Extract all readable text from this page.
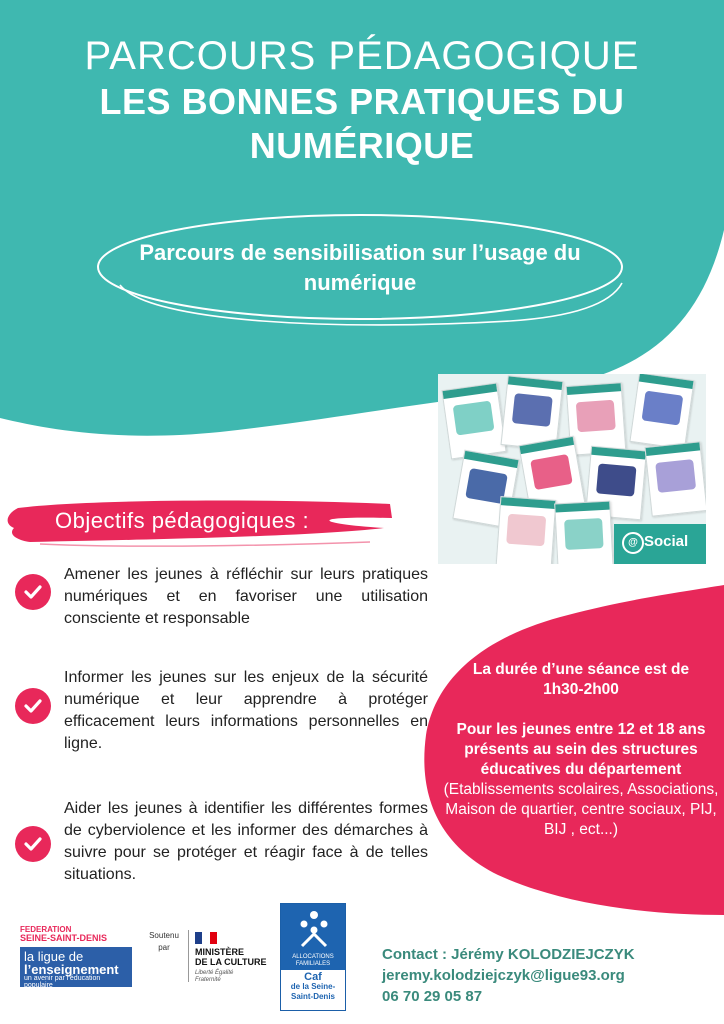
PARCOURS PÉDAGOGIQUE
LES BONNES PRATIQUES DU
NUMÉRIQUE
Parcours de sensibilisation sur l’usage du numérique
@ Social
Objectifs pédagogiques :
Amener les jeunes à réfléchir sur leurs pratiques numériques et en favoriser une utilisation consciente et responsable
Informer les jeunes sur les enjeux de la sécurité numérique et leur apprendre à protéger efficacement leurs informations personnelles en ligne.
Aider les jeunes à identifier les différentes formes de cyberviolence et les informer des démarches à suivre pour se protéger et réagir face à de telles situations.
La durée d’une séance est de 1h30-2h00
Pour les jeunes entre 12 et 18 ans présents au sein des structures éducatives du département
(Etablissements scolaires, Associations, Maison de quartier, centre sociaux, PIJ, BIJ , ect...)
FEDERATION
SEINE-SAINT-DENIS
la ligue de
l’enseignement
un avenir par l’éducation populaire
Soutenu par	MINISTÈRE
DE LA CULTURE
Liberté Égalité Fraternité
ALLOCATIONS FAMILIALES
Caf
de la Seine-Saint-Denis
Contact : Jérémy KOLODZIEJCZYK
jeremy.kolodziejczyk@ligue93.org
06 70 29 05 87
